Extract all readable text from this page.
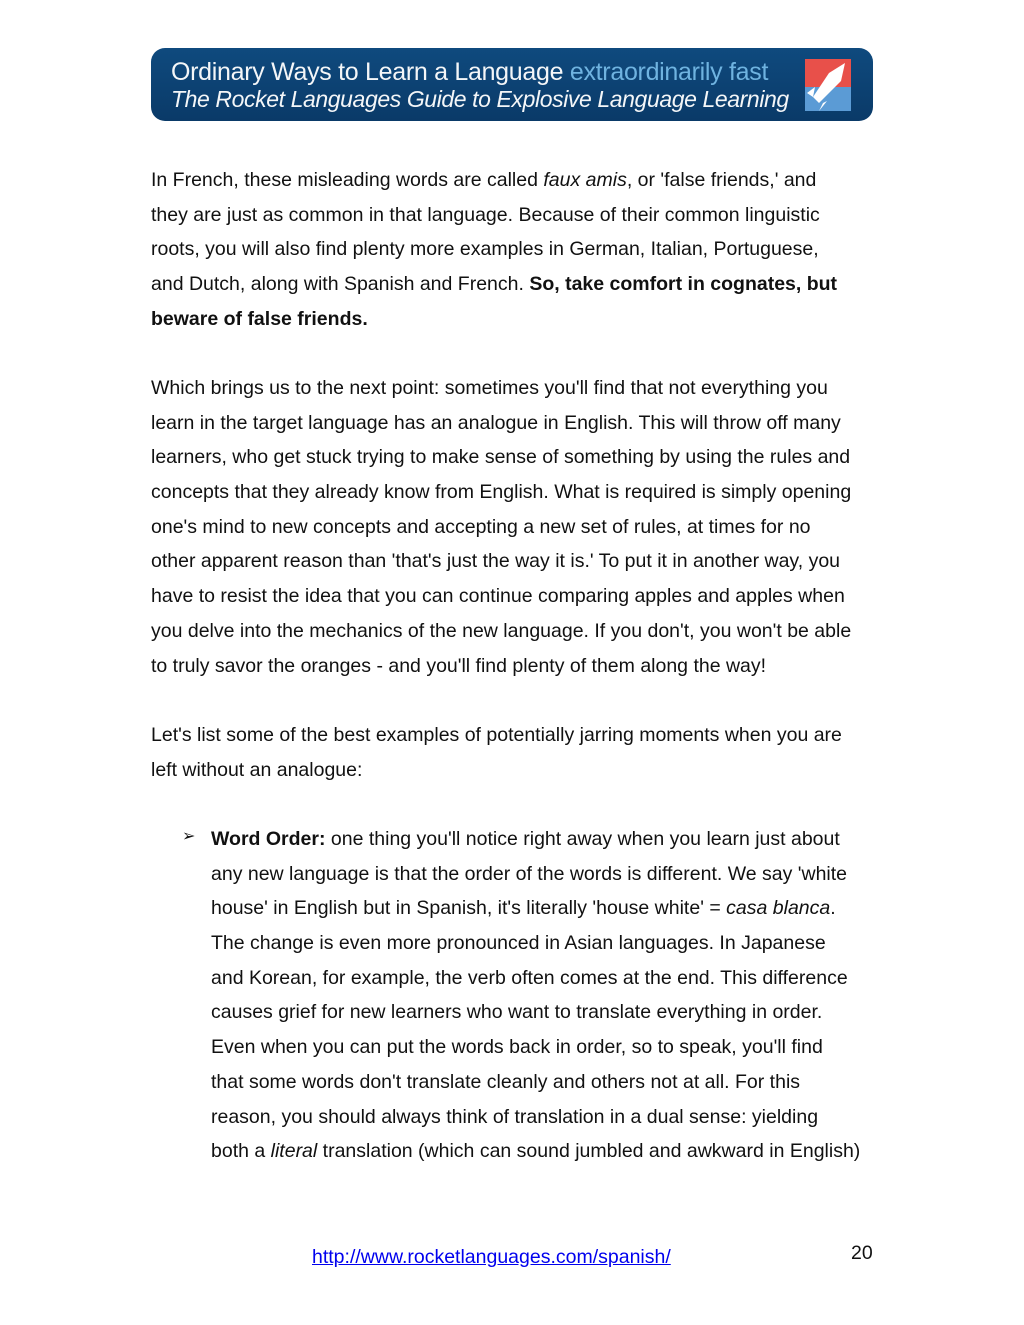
Ordinary Ways to Learn a Language extraordinarily fast
The Rocket Languages Guide to Explosive Language Learning
In French, these misleading words are called faux amis, or 'false friends,' and
they are just as common in that language. Because of their common linguistic
roots, you will also find plenty more examples in German, Italian, Portuguese,
and Dutch, along with Spanish and French. So, take comfort in cognates, but
beware of false friends.
Which brings us to the next point: sometimes you'll find that not everything you
learn in the target language has an analogue in English. This will throw off many
learners, who get stuck trying to make sense of something by using the rules and
concepts that they already know from English. What is required is simply opening
one's mind to new concepts and accepting a new set of rules, at times for no
other apparent reason than 'that's just the way it is.' To put it in another way, you
have to resist the idea that you can continue comparing apples and apples when
you delve into the mechanics of the new language. If you don't, you won't be able
to truly savor the oranges - and you'll find plenty of them along the way!
Let's list some of the best examples of potentially jarring moments when you are
left without an analogue:
➢ Word Order: one thing you'll notice right away when you learn just about
any new language is that the order of the words is different. We say 'white
house' in English but in Spanish, it's literally 'house white' = casa blanca.
The change is even more pronounced in Asian languages. In Japanese
and Korean, for example, the verb often comes at the end. This difference
causes grief for new learners who want to translate everything in order.
Even when you can put the words back in order, so to speak, you'll find
that some words don't translate cleanly and others not at all. For this
reason, you should always think of translation in a dual sense: yielding
both a literal translation (which can sound jumbled and awkward in English)
http://www.rocketlanguages.com/spanish/	20
